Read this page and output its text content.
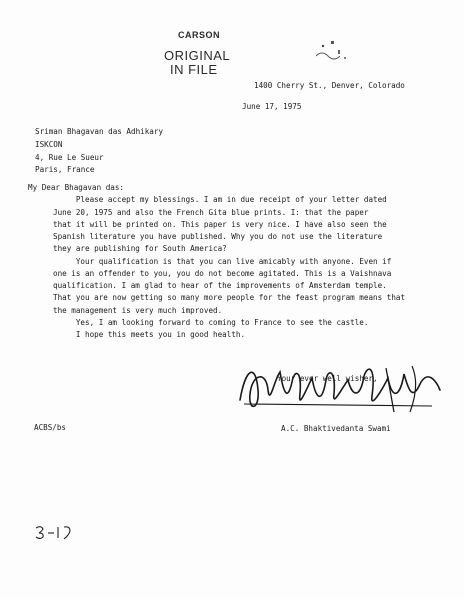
CARSON
ORIGINAL
IN FILE
1400 Cherry St., Denver, Colorado
June 17, 1975
Sriman Bhagavan das Adhikary
ISKCON
4, Rue Le Sueur
Paris, France
My Dear Bhagavan das:
Please accept my blessings. I am in due receipt of your letter dated
June 20, 1975 and also the French Gita blue prints. I: that the paper
that it will be printed on. This paper is very nice. I have also seen the
Spanish literature you have published. Why you do not use the literature
they are publishing for South America?
Your qualification is that you can live amicably with anyone. Even if
one is an offender to you, you do not become agitated. This is a Vaishnava
qualification. I am glad to hear of the improvements of Amsterdam temple.
That you are now getting so many more people for the feast program means that
the management is very much improved.
Yes, I am looking forward to coming to France to see the castle.
I hope this meets you in good health.
Your ever well wisher,
A.C. Bhaktivedanta Swami
ACBS/bs
